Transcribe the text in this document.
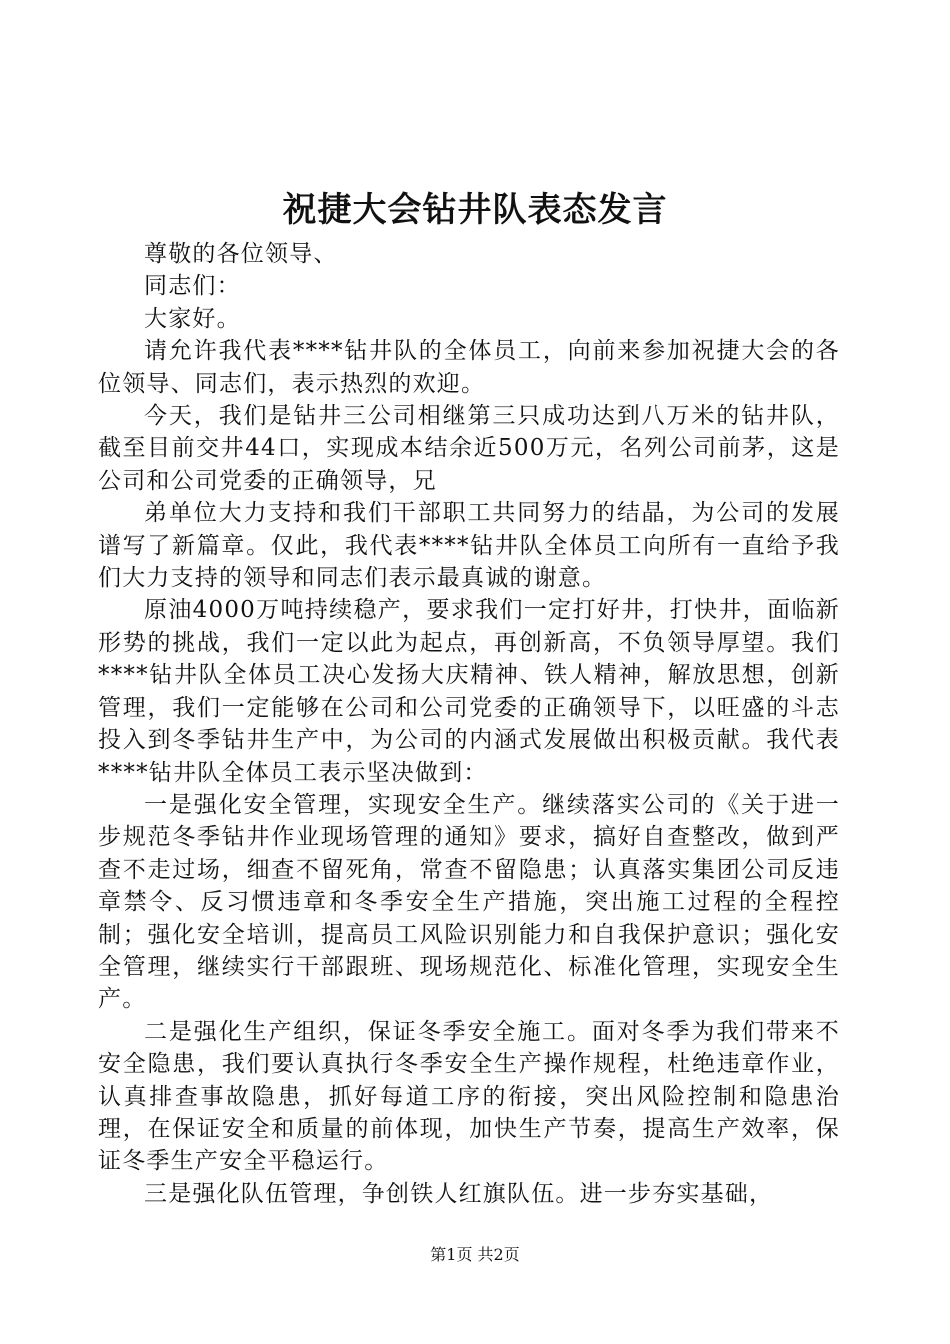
祝捷大会钻井队表态发言

尊敬的各位领导、

同志们：

大家好。

请允许我代表****钻井队的全体员工，向前来参加祝捷大会的各位领导、同志们，表示热烈的欢迎。

今天，我们是钻井三公司相继第三只成功达到八万米的钻井队，截至目前交井44口，实现成本结余近500万元，名列公司前茅，这是公司和公司党委的正确领导，兄

弟单位大力支持和我们干部职工共同努力的结晶，为公司的发展谱写了新篇章。仅此，我代表****钻井队全体员工向所有一直给予我们大力支持的领导和同志们表示最真诚的谢意。

原油4000万吨持续稳产，要求我们一定打好井，打快井，面临新形势的挑战，我们一定以此为起点，再创新高，不负领导厚望。我们****钻井队全体员工决心发扬大庆精神、铁人精神，解放思想，创新管理，我们一定能够在公司和公司党委的正确领导下，以旺盛的斗志投入到冬季钻井生产中，为公司的内涵式发展做出积极贡献。我代表****钻井队全体员工表示坚决做到：

一是强化安全管理，实现安全生产。继续落实公司的《关于进一步规范冬季钻井作业现场管理的通知》要求，搞好自查整改，做到严查不走过场，细查不留死角，常查不留隐患；认真落实集团公司反违章禁令、反习惯违章和冬季安全生产措施，突出施工过程的全程控制；强化安全培训，提高员工风险识别能力和自我保护意识；强化安全管理，继续实行干部跟班、现场规范化、标准化管理，实现安全生产。

二是强化生产组织，保证冬季安全施工。面对冬季为我们带来不安全隐患，我们要认真执行冬季安全生产操作规程，杜绝违章作业，认真排查事故隐患，抓好每道工序的衔接，突出风险控制和隐患治理，在保证安全和质量的前体现，加快生产节奏，提高生产效率，保证冬季生产安全平稳运行。

三是强化队伍管理，争创铁人红旗队伍。进一步夯实基础，

第1页 共2页
